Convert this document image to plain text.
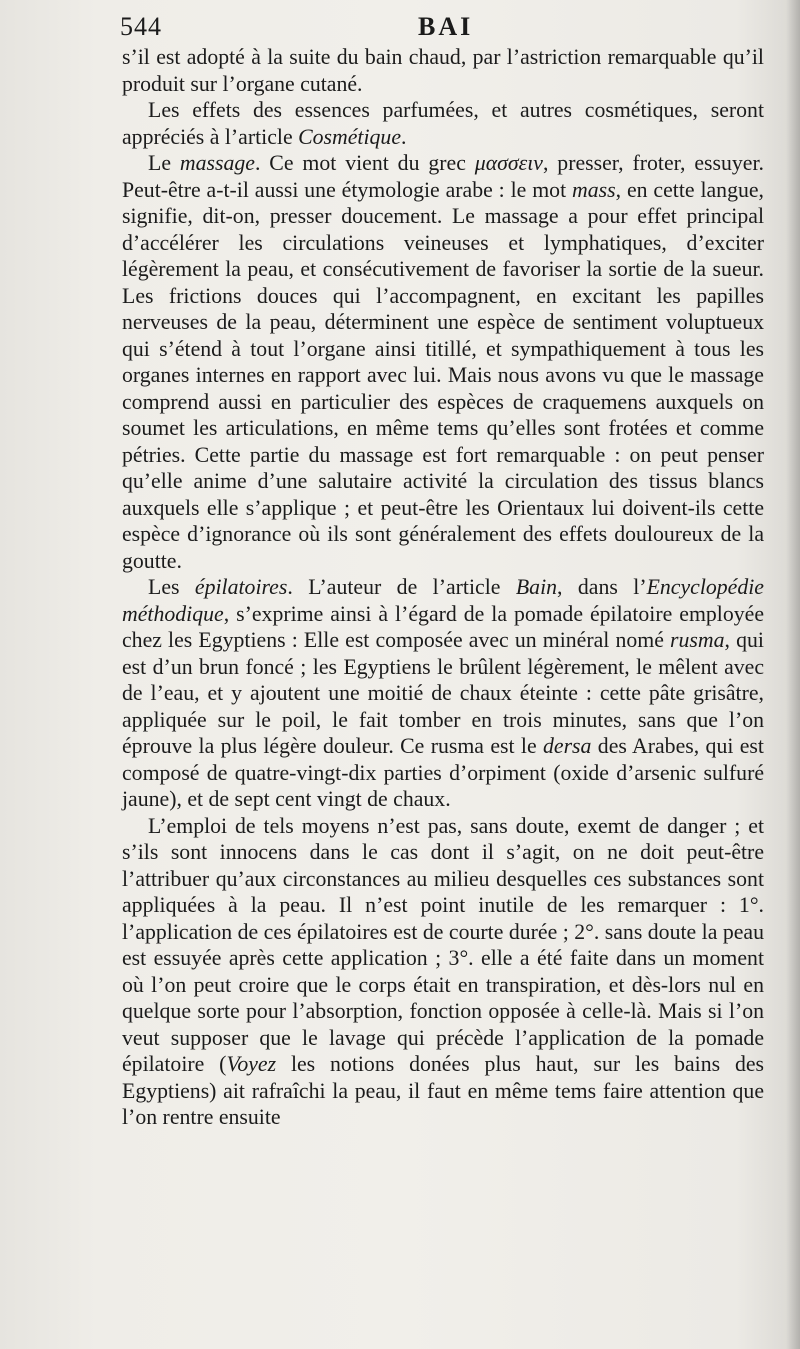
544	BAI

s’il est adopté à la suite du bain chaud, par l’astriction remarquable qu’il produit sur l’organe cutané.

Les effets des essences parfumées, et autres cosmétiques, seront appréciés à l’article Cosmétique.

Le massage. Ce mot vient du grec μασσειν, presser, froter, essuyer. Peut-être a-t-il aussi une étymologie arabe : le mot mass, en cette langue, signifie, dit-on, presser doucement. Le massage a pour effet principal d’accélérer les circulations veineuses et lymphatiques, d’exciter légèrement la peau, et consécutivement de favoriser la sortie de la sueur. Les frictions douces qui l’accompagnent, en excitant les papilles nerveuses de la peau, déterminent une espèce de sentiment voluptueux qui s’étend à tout l’organe ainsi titillé, et sympathiquement à tous les organes internes en rapport avec lui. Mais nous avons vu que le massage comprend aussi en particulier des espèces de craquemens auxquels on soumet les articulations, en même tems qu’elles sont frotées et comme pétries. Cette partie du massage est fort remarquable : on peut penser qu’elle anime d’une salutaire activité la circulation des tissus blancs auxquels elle s’applique ; et peut-être les Orientaux lui doivent-ils cette espèce d’ignorance où ils sont généralement des effets douloureux de la goutte.

Les épilatoires. L’auteur de l’article Bain, dans l’Encyclopédie méthodique, s’exprime ainsi à l’égard de la pomade épilatoire employée chez les Egyptiens : Elle est composée avec un minéral nomé rusma, qui est d’un brun foncé ; les Egyptiens le brûlent légèrement, le mêlent avec de l’eau, et y ajoutent une moitié de chaux éteinte : cette pâte grisâtre, appliquée sur le poil, le fait tomber en trois minutes, sans que l’on éprouve la plus légère douleur. Ce rusma est le dersa des Arabes, qui est composé de quatre-vingt-dix parties d’orpiment (oxide d’arsenic sulfuré jaune), et de sept cent vingt de chaux.

L’emploi de tels moyens n’est pas, sans doute, exemt de danger ; et s’ils sont innocens dans le cas dont il s’agit, on ne doit peut-être l’attribuer qu’aux circonstances au milieu desquelles ces substances sont appliquées à la peau. Il n’est point inutile de les remarquer : 1°. l’application de ces épilatoires est de courte durée ; 2°. sans doute la peau est essuyée après cette application ; 3°. elle a été faite dans un moment où l’on peut croire que le corps était en transpiration, et dès-lors nul en quelque sorte pour l’absorption, fonction opposée à celle-là. Mais si l’on veut supposer que le lavage qui précède l’application de la pomade épilatoire (Voyez les notions donées plus haut, sur les bains des Egyptiens) ait rafraîchi la peau, il faut en même tems faire attention que l’on rentre ensuite
